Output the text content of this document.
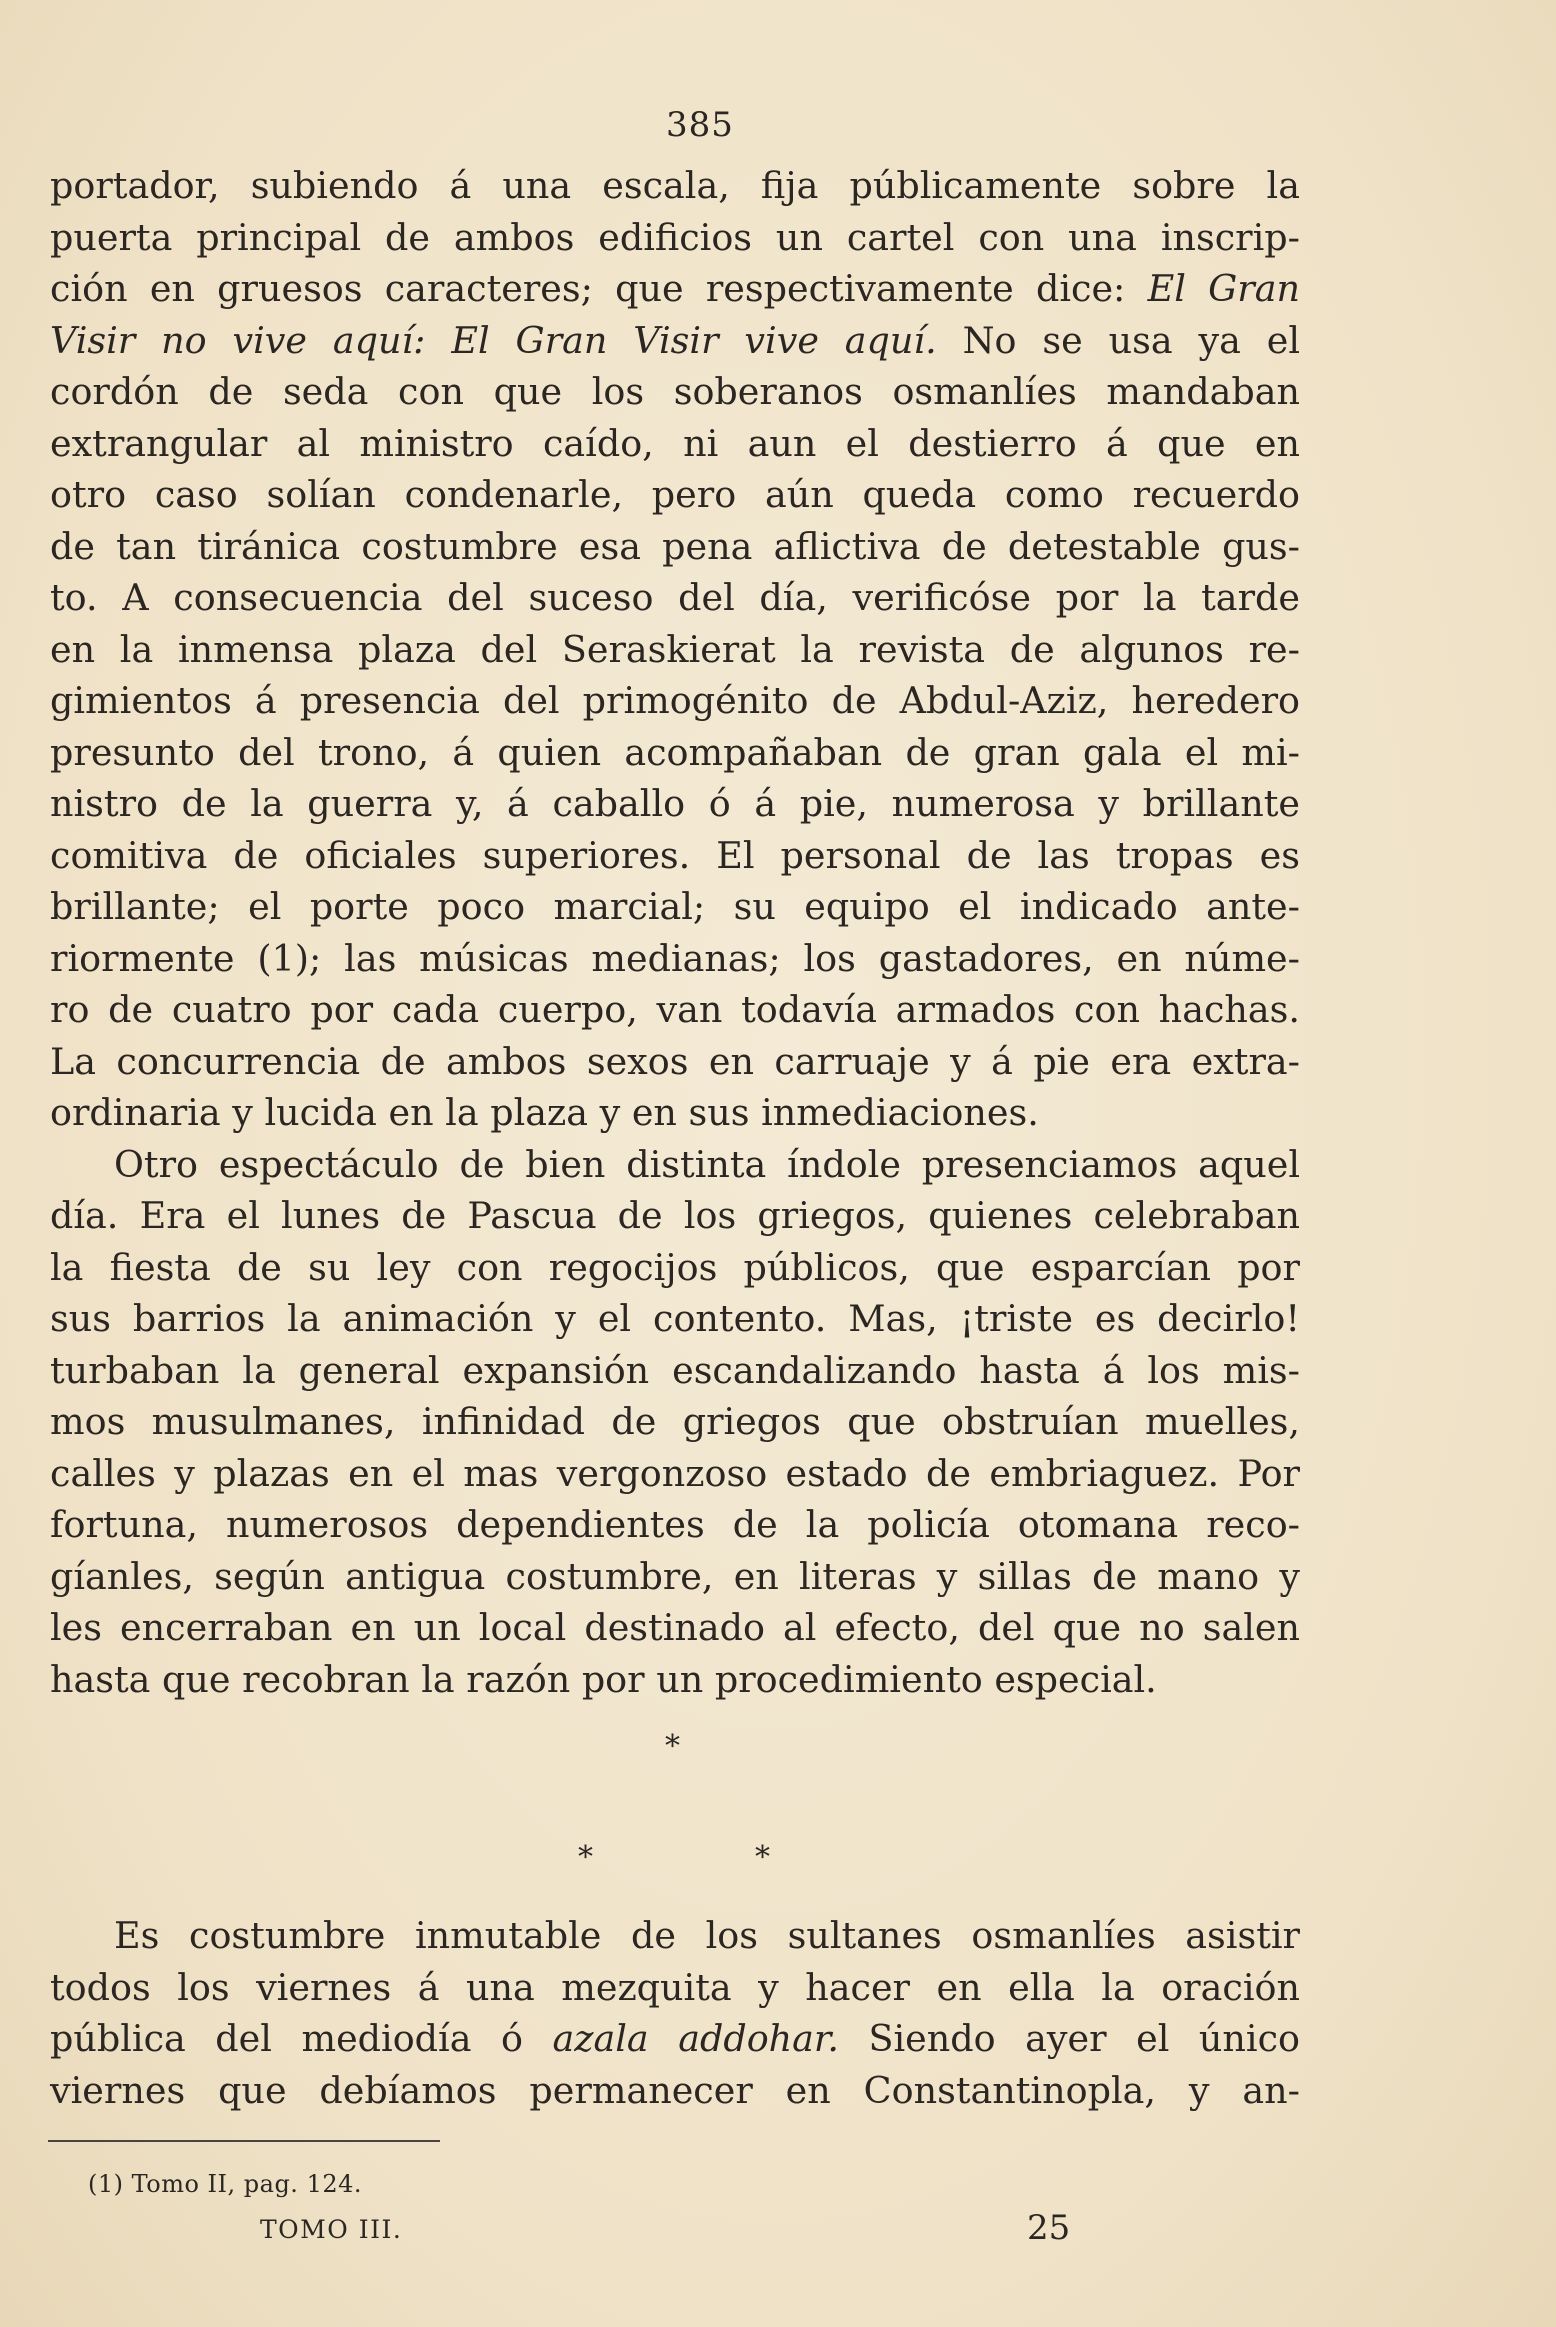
385
portador, subiendo á una escala, fija públicamente sobre la
puerta principal de ambos edificios un cartel con una inscrip-
ción en gruesos caracteres; que respectivamente dice: El Gran
Visir no vive aquí: El Gran Visir vive aquí. No se usa ya el
cordón de seda con que los soberanos osmanlíes mandaban
extrangular al ministro caído, ni aun el destierro á que en
otro caso solían condenarle, pero aún queda como recuerdo
de tan tiránica costumbre esa pena aflictiva de detestable gus-
to. A consecuencia del suceso del día, verificóse por la tarde
en la inmensa plaza del Seraskierat la revista de algunos re-
gimientos á presencia del primogénito de Abdul-Aziz, heredero
presunto del trono, á quien acompañaban de gran gala el mi-
nistro de la guerra y, á caballo ó á pie, numerosa y brillante
comitiva de oficiales superiores. El personal de las tropas es
brillante; el porte poco marcial; su equipo el indicado ante-
riormente (1); las músicas medianas; los gastadores, en núme-
ro de cuatro por cada cuerpo, van todavía armados con hachas.
La concurrencia de ambos sexos en carruaje y á pie era extra-
ordinaria y lucida en la plaza y en sus inmediaciones.
Otro espectáculo de bien distinta índole presenciamos aquel
día. Era el lunes de Pascua de los griegos, quienes celebraban
la fiesta de su ley con regocijos públicos, que esparcían por
sus barrios la animación y el contento. Mas, ¡triste es decirlo!
turbaban la general expansión escandalizando hasta á los mis-
mos musulmanes, infinidad de griegos que obstruían muelles,
calles y plazas en el mas vergonzoso estado de embriaguez. Por
fortuna, numerosos dependientes de la policía otomana reco-
gíanles, según antigua costumbre, en literas y sillas de mano y
les encerraban en un local destinado al efecto, del que no salen
hasta que recobran la razón por un procedimiento especial.
*
*	*
Es costumbre inmutable de los sultanes osmanlíes asistir
todos los viernes á una mezquita y hacer en ella la oración
pública del mediodía ó azala addohar. Siendo ayer el único
viernes que debíamos permanecer en Constantinopla, y an-
(1) Tomo II, pag. 124.
TOMO III.	25
